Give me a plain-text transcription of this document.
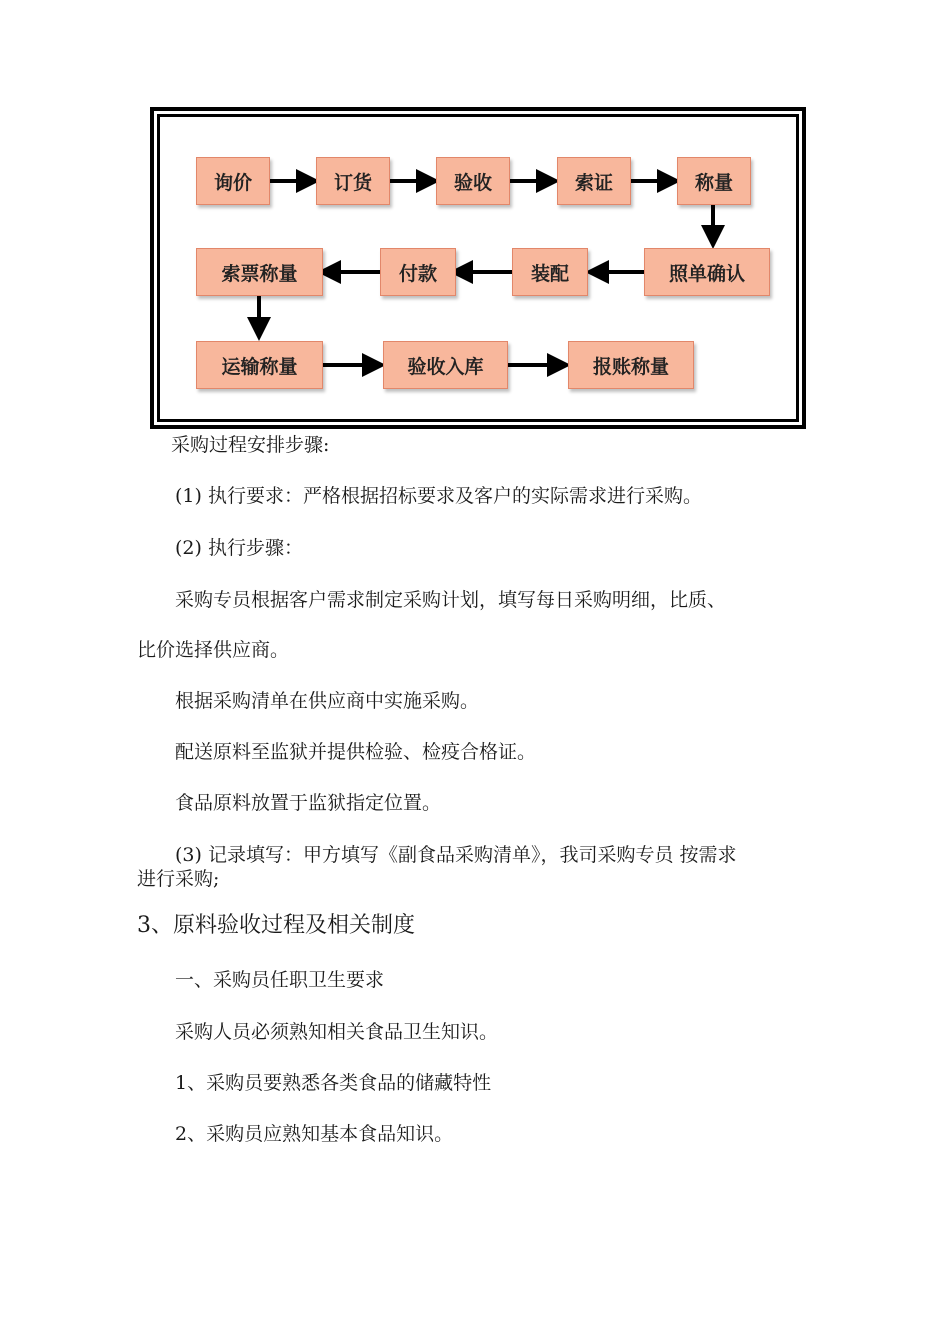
询价	订货	验收	索证	称量
照单确认
装配
付款
索票称量
运输称量	验收入库	报账称量

采购过程安排步骤:

(1) 执行要求：严格根据招标要求及客户的实际需求进行采购。

(2) 执行步骤：

采购专员根据客户需求制定采购计划，填写每日采购明细，比质、

比价选择供应商。

根据采购清单在供应商中实施采购。

配送原料至监狱并提供检验、检疫合格证。

食品原料放置于监狱指定位置。

(3) 记录填写：甲方填写《副食品采购清单》，我司采购专员 按需求

进行采购;

3、原料验收过程及相关制度

一、采购员任职卫生要求

采购人员必须熟知相关食品卫生知识。

1、采购员要熟悉各类食品的储藏特性

2、采购员应熟知基本食品知识。
